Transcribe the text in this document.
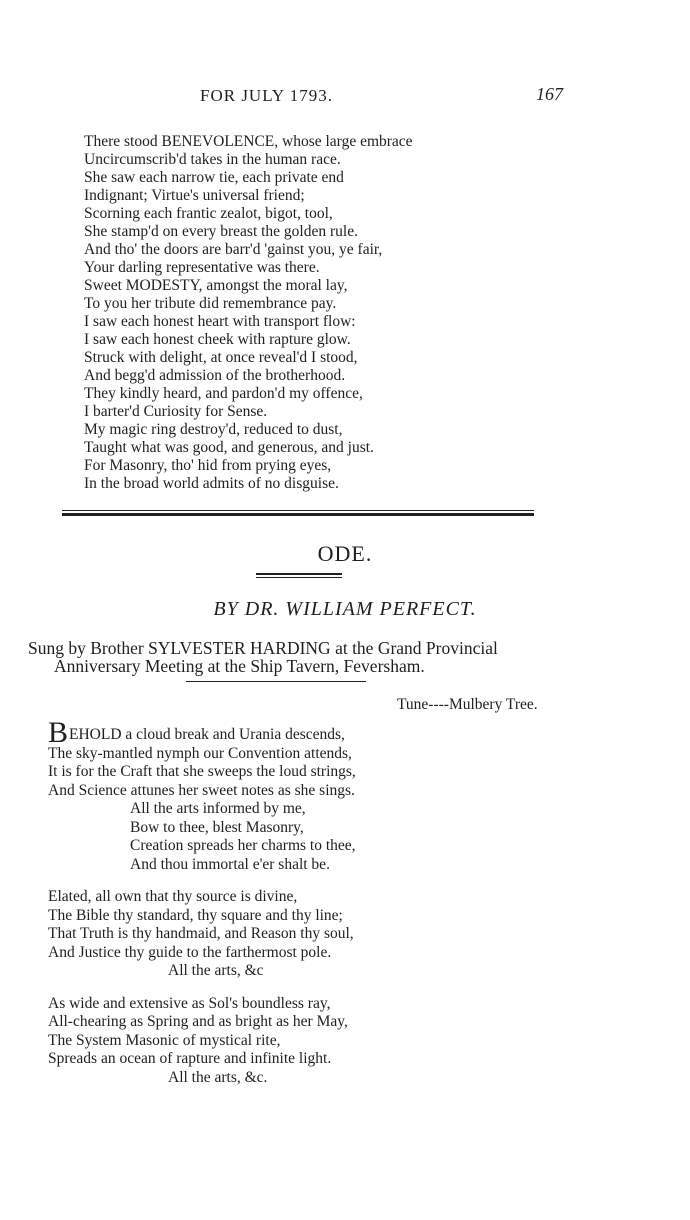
FOR JULY 1793.	167
There stood BENEVOLENCE, whose large embrace
Uncircumscrib'd takes in the human race.
She saw each narrow tie, each private end
Indignant; Virtue's universal friend;
Scorning each frantic zealot, bigot, tool,
She stamp'd on every breast the golden rule.
And tho' the doors are barr'd 'gainst you, ye fair,
Your darling representative was there.
Sweet MODESTY, amongst the moral lay,
To you her tribute did remembrance pay.
I saw each honest heart with transport flow:
I saw each honest cheek with rapture glow.
Struck with delight, at once reveal'd I stood,
And begg'd admission of the brotherhood.
They kindly heard, and pardon'd my offence,
I barter'd Curiosity for Sense.
My magic ring destroy'd, reduced to dust,
Taught what was good, and generous, and just.
For Masonry, tho' hid from prying eyes,
In the broad world admits of no disguise.
ODE.
BY DR. WILLIAM PERFECT.
Sung by Brother SYLVESTER HARDING at the Grand Provincial
Anniversary Meeting at the Ship Tavern, Feversham.
Tune----Mulbery Tree.
BEHOLD a cloud break and Urania descends,
The sky-mantled nymph our Convention attends,
It is for the Craft that she sweeps the loud strings,
And Science attunes her sweet notes as she sings.
All the arts informed by me,
Bow to thee, blest Masonry,
Creation spreads her charms to thee,
And thou immortal e'er shalt be.
Elated, all own that thy source is divine,
The Bible thy standard, thy square and thy line;
That Truth is thy handmaid, and Reason thy soul,
And Justice thy guide to the farthermost pole.
All the arts, &c
As wide and extensive as Sol's boundless ray,
All-chearing as Spring and as bright as her May,
The System Masonic of mystical rite,
Spreads an ocean of rapture and infinite light.
All the arts, &c.
